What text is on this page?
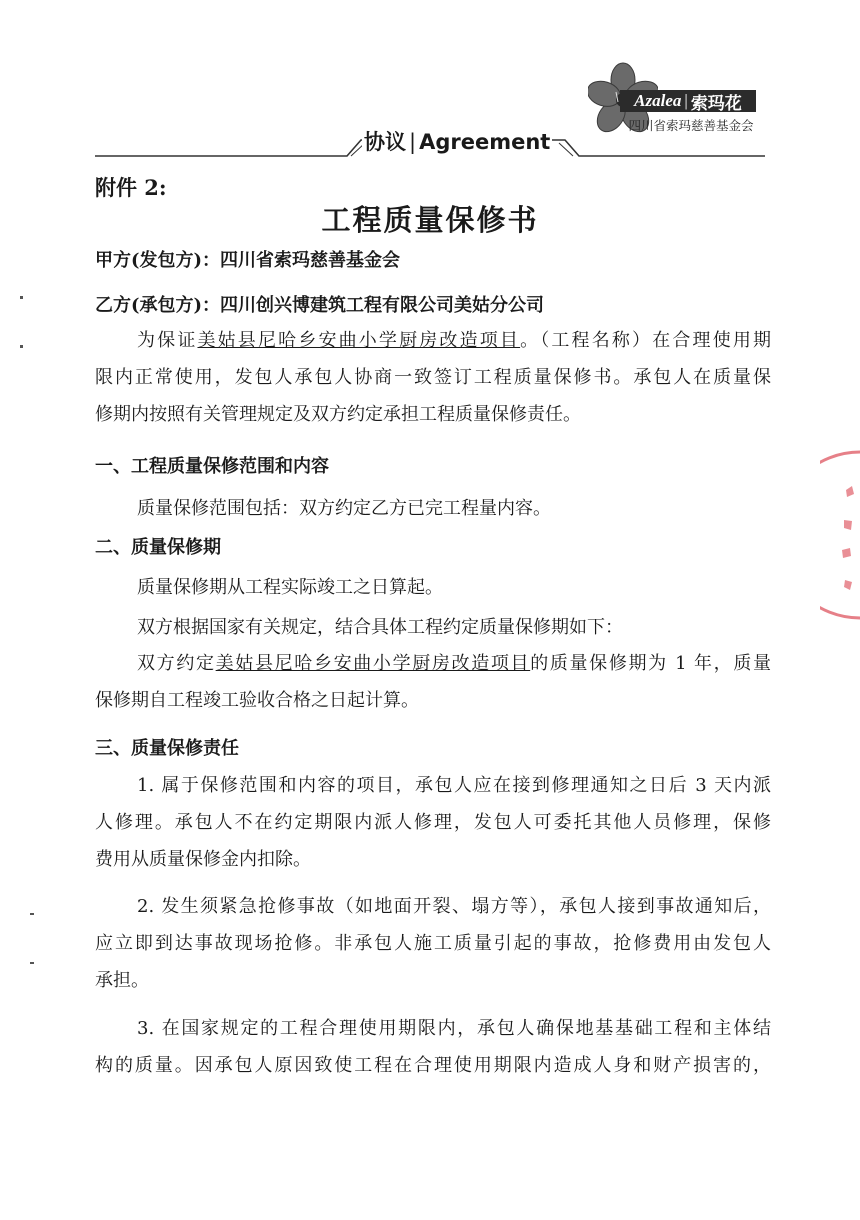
Azalea | 索玛花
四川省索玛慈善基金会
协议 | Agreement
附件 2:
工程质量保修书
甲方(发包方)：四川省索玛慈善基金会
乙方(承包方)：四川创兴博建筑工程有限公司美姑分公司

为保证美姑县尼哈乡安曲小学厨房改造项目。（工程名称）在合理使用期

限内正常使用，发包人承包人协商一致签订工程质量保修书。承包人在质量保

修期内按照有关管理规定及双方约定承担工程质量保修责任。

一、工程质量保修范围和内容
质量保修范围包括：双方约定乙方已完工程量内容。
二、质量保修期
质量保修期从工程实际竣工之日算起。
双方根据国家有关规定，结合具体工程约定质量保修期如下：

双方约定美姑县尼哈乡安曲小学厨房改造项目的质量保修期为 1 年，质量

保修期自工程竣工验收合格之日起计算。

三、质量保修责任

1. 属于保修范围和内容的项目，承包人应在接到修理通知之日后 3 天内派

人修理。承包人不在约定期限内派人修理，发包人可委托其他人员修理，保修

费用从质量保修金内扣除。

2. 发生须紧急抢修事故（如地面开裂、塌方等），承包人接到事故通知后，

应立即到达事故现场抢修。非承包人施工质量引起的事故，抢修费用由发包人

承担。

3. 在国家规定的工程合理使用期限内，承包人确保地基基础工程和主体结

构的质量。因承包人原因致使工程在合理使用期限内造成人身和财产损害的，
